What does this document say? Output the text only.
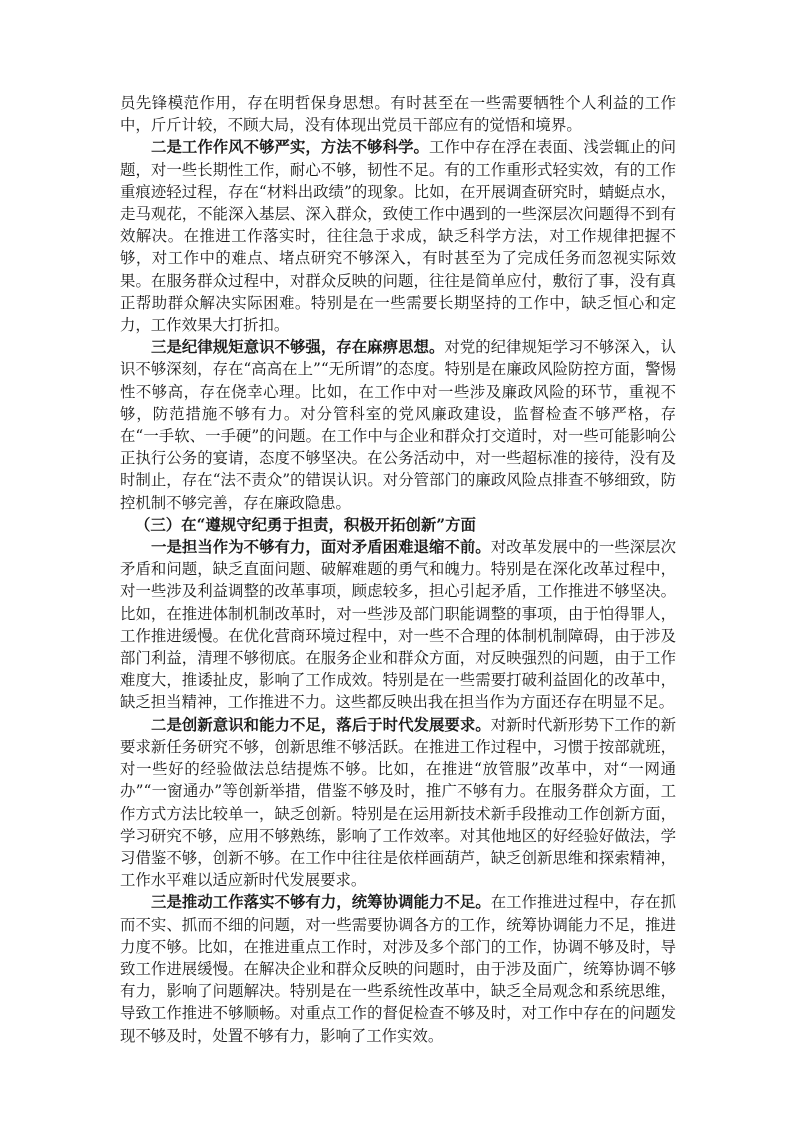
员先锋模范作用，存在明哲保身思想。有时甚至在一些需要牺牲个人利益的工作中，斤斤计较，不顾大局，没有体现出党员干部应有的觉悟和境界。

二是工作作风不够严实，方法不够科学。工作中存在浮在表面、浅尝辄止的问题，对一些长期性工作，耐心不够，韧性不足。有的工作重形式轻实效，有的工作重痕迹轻过程，存在“材料出政绩”的现象。比如，在开展调查研究时，蜻蜓点水，走马观花，不能深入基层、深入群众，致使工作中遇到的一些深层次问题得不到有效解决。在推进工作落实时，往往急于求成，缺乏科学方法，对工作规律把握不够，对工作中的难点、堵点研究不够深入，有时甚至为了完成任务而忽视实际效果。在服务群众过程中，对群众反映的问题，往往是简单应付，敷衍了事，没有真正帮助群众解决实际困难。特别是在一些需要长期坚持的工作中，缺乏恒心和定力，工作效果大打折扣。

三是纪律规矩意识不够强，存在麻痹思想。对党的纪律规矩学习不够深入，认识不够深刻，存在“高高在上”“无所谓”的态度。特别是在廉政风险防控方面，警惕性不够高，存在侥幸心理。比如，在工作中对一些涉及廉政风险的环节，重视不够，防范措施不够有力。对分管科室的党风廉政建设，监督检查不够严格，存在“一手软、一手硬”的问题。在工作中与企业和群众打交道时，对一些可能影响公正执行公务的宴请，态度不够坚决。在公务活动中，对一些超标准的接待，没有及时制止，存在“法不责众”的错误认识。对分管部门的廉政风险点排查不够细致，防控机制不够完善，存在廉政隐患。

（三）在“遵规守纪勇于担责，积极开拓创新”方面

一是担当作为不够有力，面对矛盾困难退缩不前。对改革发展中的一些深层次矛盾和问题，缺乏直面问题、破解难题的勇气和魄力。特别是在深化改革过程中，对一些涉及利益调整的改革事项，顾虑较多，担心引起矛盾，工作推进不够坚决。比如，在推进体制机制改革时，对一些涉及部门职能调整的事项，由于怕得罪人，工作推进缓慢。在优化营商环境过程中，对一些不合理的体制机制障碍，由于涉及部门利益，清理不够彻底。在服务企业和群众方面，对反映强烈的问题，由于工作难度大，推诿扯皮，影响了工作成效。特别是在一些需要打破利益固化的改革中，缺乏担当精神，工作推进不力。这些都反映出我在担当作为方面还存在明显不足。

二是创新意识和能力不足，落后于时代发展要求。对新时代新形势下工作的新要求新任务研究不够，创新思维不够活跃。在推进工作过程中，习惯于按部就班，对一些好的经验做法总结提炼不够。比如，在推进“放管服”改革中，对“一网通办”“一窗通办”等创新举措，借鉴不够及时，推广不够有力。在服务群众方面，工作方式方法比较单一，缺乏创新。特别是在运用新技术新手段推动工作创新方面，学习研究不够，应用不够熟练，影响了工作效率。对其他地区的好经验好做法，学习借鉴不够，创新不够。在工作中往往是依样画葫芦，缺乏创新思维和探索精神，工作水平难以适应新时代发展要求。

三是推动工作落实不够有力，统筹协调能力不足。在工作推进过程中，存在抓而不实、抓而不细的问题，对一些需要协调各方的工作，统筹协调能力不足，推进力度不够。比如，在推进重点工作时，对涉及多个部门的工作，协调不够及时，导致工作进展缓慢。在解决企业和群众反映的问题时，由于涉及面广，统筹协调不够有力，影响了问题解决。特别是在一些系统性改革中，缺乏全局观念和系统思维，导致工作推进不够顺畅。对重点工作的督促检查不够及时，对工作中存在的问题发现不够及时，处置不够有力，影响了工作实效。
